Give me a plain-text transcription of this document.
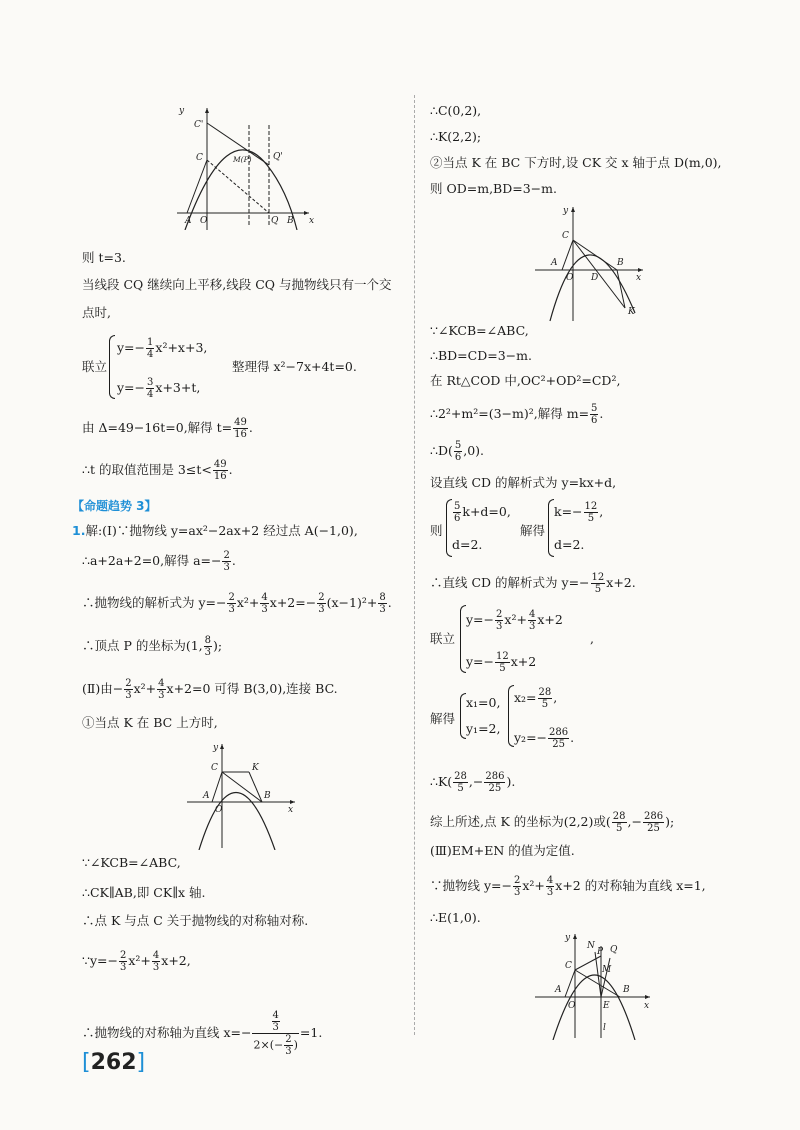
y
C'
C	M(P) Q'
A O	Q B x
则 t=3.
当线段 CQ 继续向上平移,线段 CQ 与抛物线只有一个交
点时,
联立
$y=- \frac{1}{4} x^2+x+3$,
$y=- \frac{3}{4} x+3+t$,
整理得 x²−7x+4t=0.
由 Δ=49−16t=0,解得 $t= \frac{49}{16}$ .
∴t 的取值范围是 $3\le t< \frac{49}{16}$ .
【命题趋势 3】
1.解:(Ⅰ)∵抛物线 y=ax²−2ax+2 经过点 A(−1,0),
∴a+2a+2=0,解得 $a=- \frac{2}{3}$ .
∴抛物线的解析式为 $y=- \frac{2}{3} x^2+ \frac{4}{3} x+2=- \frac{2}{3} (x-1)^2+ \frac{8}{3}$ .
∴顶点 P 的坐标为(1, $\frac{8}{3}$ );
(Ⅱ)由− $\frac{2}{3} x^2+ \frac{4}{3} x+2=0$ 可得 B(3,0),连接 BC.
①当点 K 在 BC 上方时,
y
C	K
A
O
B
x
∵∠KCB=∠ABC,
∴CK∥AB,即 CK∥x 轴.
∴点 K 与点 C 关于抛物线的对称轴对称.
∵y=− $\frac{2}{3} x^2+ \frac{4}{3} x+2$,
∴抛物线的对称轴为直线 $x=- \frac{\frac{4}{3}}{2\times(- \frac{2}{3} )} =1$.
∴C(0,2),
∴K(2,2);
②当点 K 在 BC 下方时,设 CK 交 x 轴于点 D(m,0),
则 OD=m,BD=3−m.
y
C
A
O D
B
x
K
∵∠KCB=∠ABC,
∴BD=CD=3−m.
在 Rt△COD 中,OC²+OD²=CD²,
∴2²+m²=(3−m)²,解得 $m= \frac{5}{6}$ .
∴D( $\frac{5}{6} ,0$).
设直线 CD 的解析式为 y=kx+d,
则
$\frac{5}{6} k+d=0$,
d=2.
解得
$k=- \frac{12}{5}$ ,
d=2.
∴直线 CD 的解析式为 $y=- \frac{12}{5} x+2$.
联立
$y=- \frac{2}{3} x^2+ \frac{4}{3} x+2$
,
$y=- \frac{12}{5} x+2$
解得
x₁=0,
y₁=2,
$x_2= \frac{28}{5}$ ,
$y_2=- \frac{286}{25}$ .
∴K( $\frac{28}{5}$ ,− $\frac{286}{25}$ ).
综上所述,点 K 的坐标为(2,2)或( $\frac{28}{5}$ ,− $\frac{286}{25}$ );
(Ⅲ)EM+EN 的值为定值.
∵抛物线 $y=- \frac{2}{3} x^2+ \frac{4}{3} x+2$ 的对称轴为直线 x=1,
∴E(1,0).
y
N
P Q
M
C
A
O	E
B
x
l
[262]
